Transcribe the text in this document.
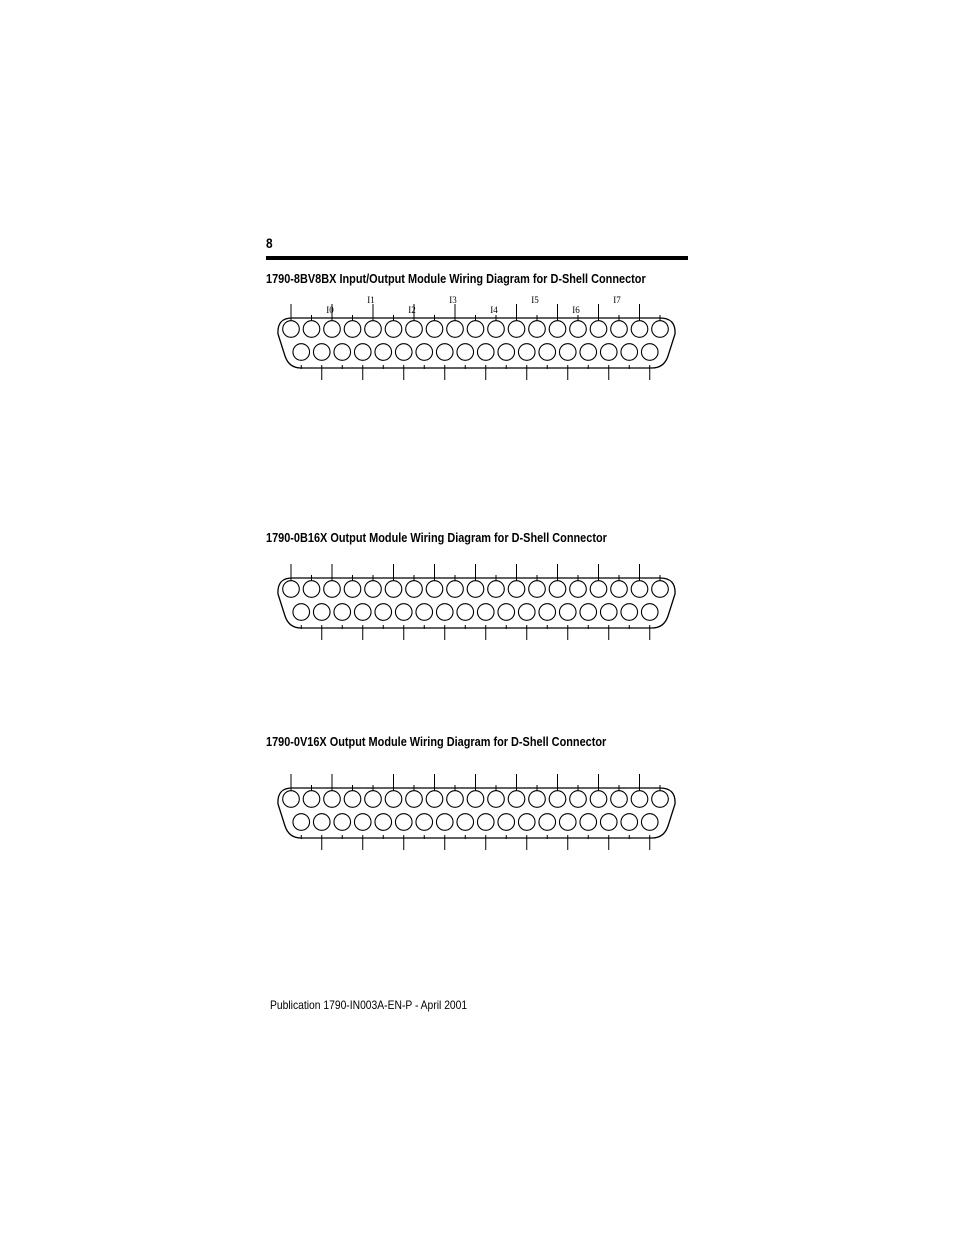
8
1790-8BV8BX Input/Output Module Wiring Diagram for D-Shell Connector
I0
I1
I2
I3
I4
I5
I6
I7
1790-0B16X Output Module Wiring Diagram for D-Shell Connector
1790-0V16X Output Module Wiring Diagram for D-Shell Connector
Publication 1790-IN003A-EN-P - April 2001
